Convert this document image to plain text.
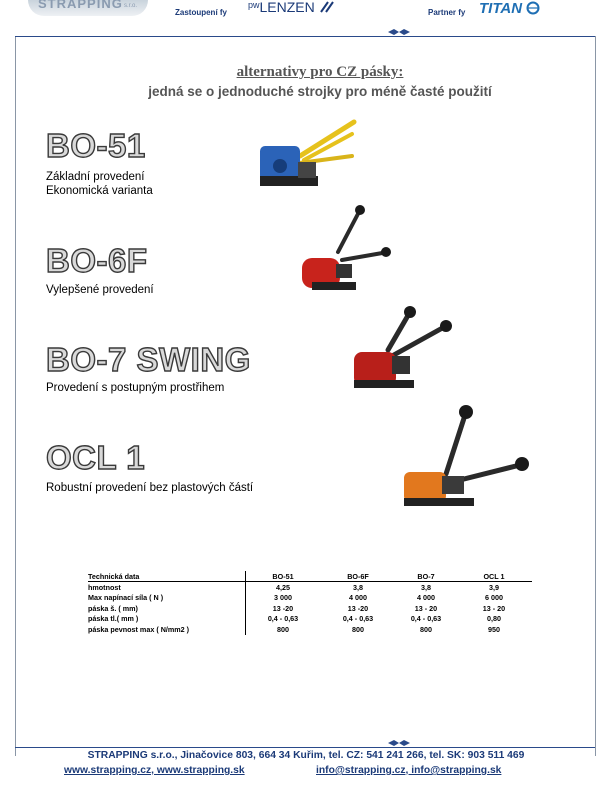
STRAPPING s.r.o.
Zastoupení fy
$^{pw}$LENZEN	Partner fy TITAN
alternativy pro CZ pásky:
jedná se o jednoduché strojky pro méně časté použití
BO-51
Základní provedení
Ekonomická varianta
BO-6F
Vylepšené provedení
BO-7 SWING
Provedení s postupným prostřihem
OCL 1
Robustní provedení bez plastových částí
Technická data	BO-51	BO-6F	BO-7	OCL 1
hmotnost	4,25	3,8	3,8	3,9
Max napínací síla ( N )	3 000	4 000	4 000	6 000
páska š. ( mm)	13 -20	13 -20	13 - 20	13 - 20
páska tl.( mm )	0,4 - 0,63	0,4 - 0,63	0,4 - 0,63	0,80
páska pevnost max ( N/mm2 )	800	800	800	950
STRAPPING s.r.o., Jinačovice 803, 664 34 Kuřim, tel. CZ: 541 241 266, tel. SK: 903 511 469
www.strapping.cz, www.strapping.sk	info@strapping.cz, info@strapping.sk
